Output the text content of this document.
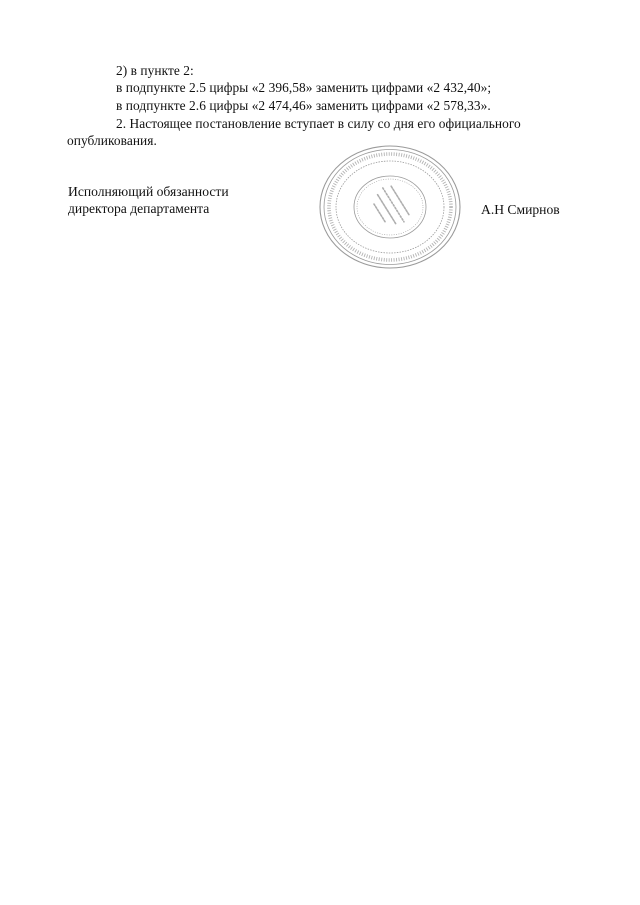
2) в пункте 2:
в подпункте 2.5 цифры «2 396,58» заменить цифрами «2 432,40»;
в подпункте 2.6 цифры «2 474,46» заменить цифрами «2 578,33».
2. Настоящее постановление вступает в силу со дня его официального
опубликования.
Исполняющий обязанности
директора департамента	А.Н Смирнов
